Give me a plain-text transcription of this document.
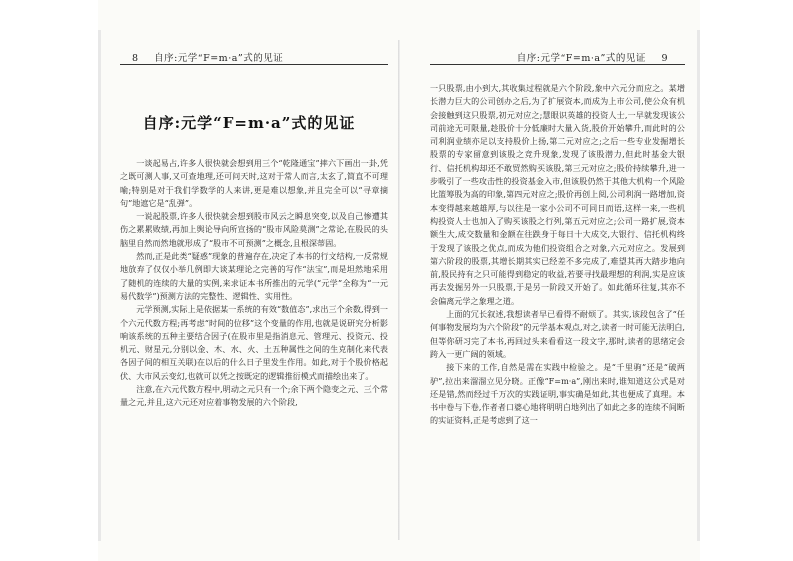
8 自序:元学“F=m·a”式的见证
自序:元学“F=m·a”式的见证

一谈起易占,许多人很快就会想到用三个“乾隆通宝”摔六下画出一卦,凭之既可测人事,又可查地理,还可问天时,这对于常人而言,太玄了,简直不可理喻;特别是对于我们学数学的人来讲,更是难以想象,并且完全可以“寻章摘句”地遮它是“乱弹”。

一说起股票,许多人很快就会想到股市风云之瞬息突变,以及自己惨遭其伤之累累败绩,再加上舆论导向所宣扬的“股市风险莫测”之常论,在股民的头脑里自然而然地就形成了“股市不可预测”之概念,且根深蒂固。

然而,正是此类“疑惑”现象的普遍存在,决定了本书的行文结构,一反常规地放弃了仅仅小举几例即大谈某理论之完善的写作“法宝”,而是坦然地采用了随机的连续的大量的实例,来求证本书所推出的元学(“元学”全称为“一元易代数学”)预测方法的完整性、逻辑性、实用性。

元学预测,实际上是依据某一系统的有效“数值态”,求出三个余数,得到一个六元代数方程;再考虑“时间的位移”这个变量的作用,也就是说研究分析影响该系统的五种主要结合因子(在股市里是指消息元、管理元、投资元、投机元、财星元,分别以金、木、水、火、土五种属性之间的生克制化来代表各因子间的相互关联)在以后的什么日子里发生作用。如此,对于个股价格起伏、大市风云变幻,也就可以凭之按既定的逻辑推衍模式而描绘出来了。

注意,在六元代数方程中,明动之元只有一个;余下两个隐变之元、三个常量之元,并且,这六元还对应着事物发展的六个阶段,

自序:元学“F=m·a”式的见证 9

一只股票,由小到大,其收集过程就是六个阶段,象中六元分而应之。某增长潜力巨大的公司创办之后,为了扩展资本,而成为上市公司,使公众有机会接触到这只股票,初元对应之;慧眼识英雄的投资人士,一早就发现该公司前途无可限量,趁股价十分低廉时大量入货,股价开始攀升,而此时的公司利润业绩亦足以支持股价上扬,第二元对应之;之后一些专业发掘增长股票的专家留意到该股之竞升现象,发现了该股潜力,但此时基金大银行、信托机构却还不敢贸然购买该股,第三元对应之;股价持续攀升,进一步吸引了一些攻击性的投资基金入市,但该股仍然于其他大机构一个风险比篮筹股为高的印象,第四元对应之;股价再创上阅,公司利润一路增加,资本变得越来越雄厚,与以往是一家小公司不可同日而语,这样一来,一些机构投资人士也加入了购买该股之行列,第五元对应之;公司一路扩展,资本额生大,成交数量和金额在往跌身于每日十大成交,大银行、信托机构终于发现了该股之优点,而成为他们投资组合之对象,六元对应之。发展到第六阶段的股票,其增长期其实已经差不多完成了,难望其再大踏步地向前,股民持有之只可能得到稳定的收益,若要寻找最理想的利润,实是应该再去发掘另外一只股票,于是另一阶段又开始了。如此循环往复,其亦不会偏离元学之象理之道。

上面的冗长叙述,我想读者早已看得不耐烦了。其实,该段包含了“任何事物发展均为六个阶段”的元学基本观点,对之,读者一时可能无法明白,但等你研习完了本书,再回过头来看看这一段文字,那时,读者的思绪定会跨入一更广阔的领域。

接下来的工作,自然是需在实践中检验之。是“千里驹”还是“破两驴”,拉出来溜溜立见分晓。正像“F=m·a”,刚出来时,谁知道这公式是对还是错,然而经过千万次的实践证明,事实确是如此,其也便成了真理。本书中卷与下卷,作者者口婆心地将明明白地列出了如此之多的连续不间断的实证资料,正是考虑到了这一
